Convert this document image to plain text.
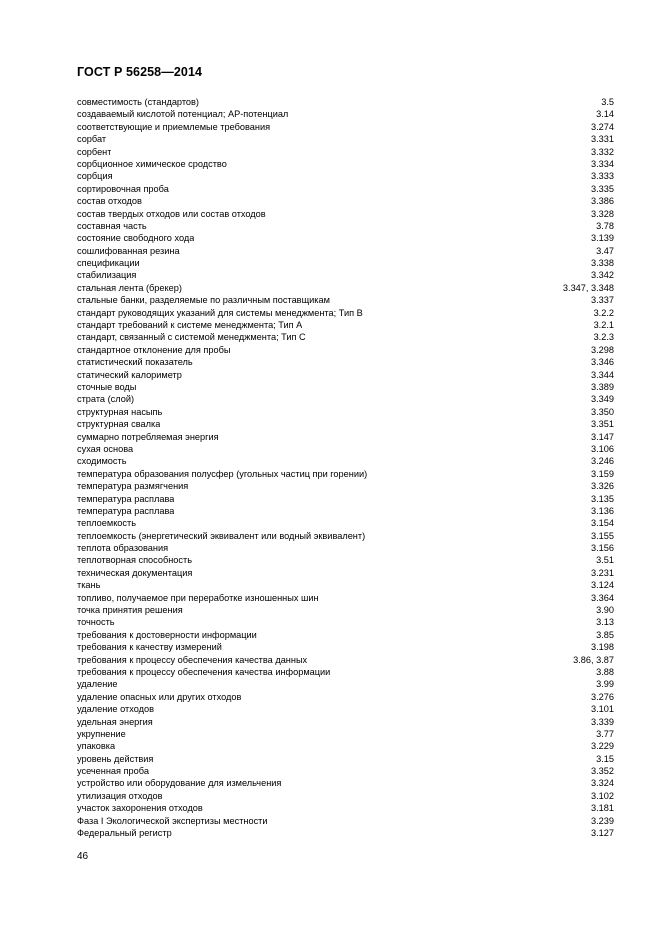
ГОСТ Р 56258—2014
совместимость (стандартов)	3.5
создаваемый кислотой потенциал; АР-потенциал	3.14
соответствующие и приемлемые требования	3.274
сорбат	3.331
сорбент	3.332
сорбционное химическое сродство	3.334
сорбция	3.333
сортировочная проба	3.335
состав отходов	3.386
состав твердых отходов или состав отходов	3.328
составная часть	3.78
состояние свободного хода	3.139
сошлифованная резина	3.47
спецификации	3.338
стабилизация	3.342
стальная лента (брекер)	3.347, 3.348
стальные банки, разделяемые по различным поставщикам	3.337
стандарт руководящих указаний для системы менеджмента; Тип B	3.2.2
стандарт требований к системе менеджмента; Тип A	3.2.1
стандарт, связанный с системой менеджмента; Тип C	3.2.3
стандартное отклонение для пробы	3.298
статистический показатель	3.346
статический калориметр	3.344
сточные воды	3.389
страта (слой)	3.349
структурная насыпь	3.350
структурная свалка	3.351
суммарно потребляемая энергия	3.147
сухая основа	3.106
сходимость	3.246
температура образования полусфер (угольных частиц при горении)	3.159
температура размягчения	3.326
температура расплава	3.135
температура расплава	3.136
теплоемкость	3.154
теплоемкость (энергетический эквивалент или водный эквивалент)	3.155
теплота образования	3.156
теплотворная способность	3.51
техническая документация	3.231
ткань	3.124
топливо, получаемое при переработке изношенных шин	3.364
точка принятия решения	3.90
точность	3.13
требования к достоверности информации	3.85
требования к качеству измерений	3.198
требования к процессу обеспечения качества данных	3.86, 3.87
требования к процессу обеспечения качества информации	3.88
удаление	3.99
удаление опасных или других отходов	3.276
удаление отходов	3.101
удельная энергия	3.339
укрупнение	3.77
упаковка	3.229
уровень действия	3.15
усеченная проба	3.352
устройство или оборудование для измельчения	3.324
утилизация отходов	3.102
участок захоронения отходов	3.181
Фаза I Экологической экспертизы местности	3.239
Федеральный регистр	3.127
46
